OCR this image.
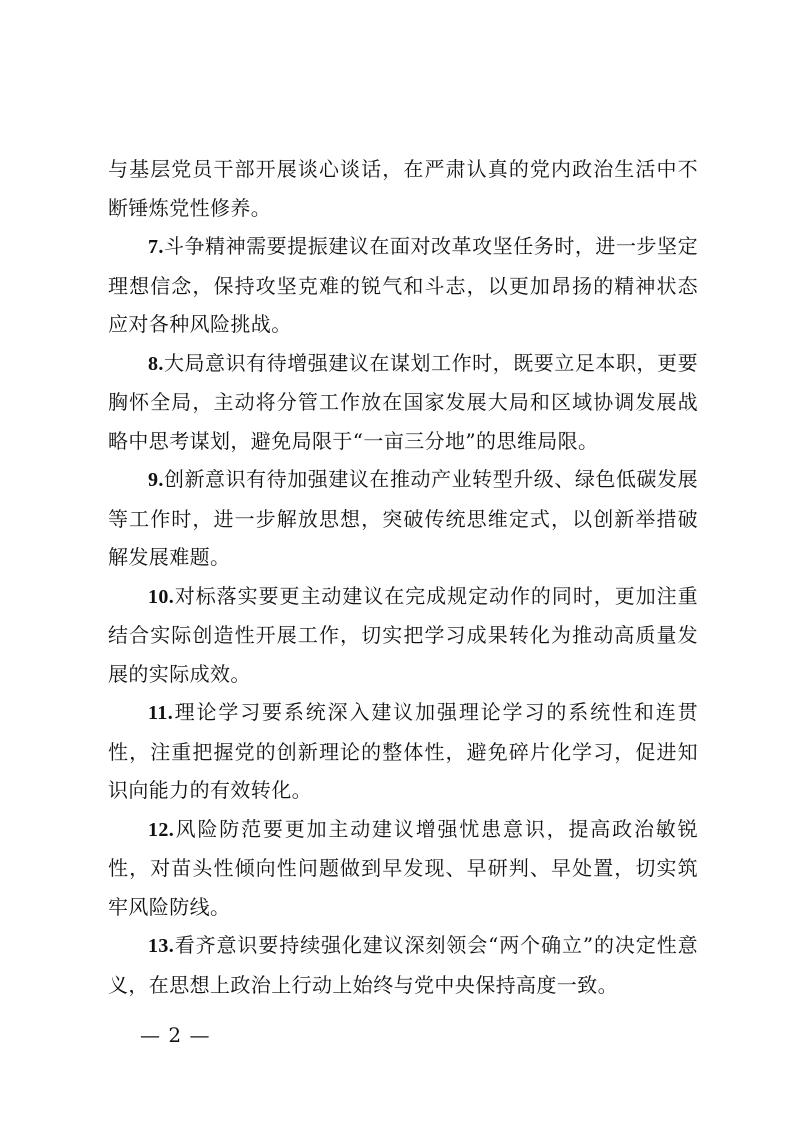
与基层党员干部开展谈心谈话，在严肃认真的党内政治生活中不断锤炼党性修养。

7.斗争精神需要提振建议在面对改革攻坚任务时，进一步坚定理想信念，保持攻坚克难的锐气和斗志，以更加昂扬的精神状态应对各种风险挑战。

8.大局意识有待增强建议在谋划工作时，既要立足本职，更要胸怀全局，主动将分管工作放在国家发展大局和区域协调发展战略中思考谋划，避免局限于“一亩三分地”的思维局限。

9.创新意识有待加强建议在推动产业转型升级、绿色低碳发展等工作时，进一步解放思想，突破传统思维定式，以创新举措破解发展难题。

10.对标落实要更主动建议在完成规定动作的同时，更加注重结合实际创造性开展工作，切实把学习成果转化为推动高质量发展的实际成效。

11.理论学习要系统深入建议加强理论学习的系统性和连贯性，注重把握党的创新理论的整体性，避免碎片化学习，促进知识向能力的有效转化。

12.风险防范要更加主动建议增强忧患意识，提高政治敏锐性，对苗头性倾向性问题做到早发现、早研判、早处置，切实筑牢风险防线。

13.看齐意识要持续强化建议深刻领会“两个确立”的决定性意义，在思想上政治上行动上始终与党中央保持高度一致。

— 2 —
